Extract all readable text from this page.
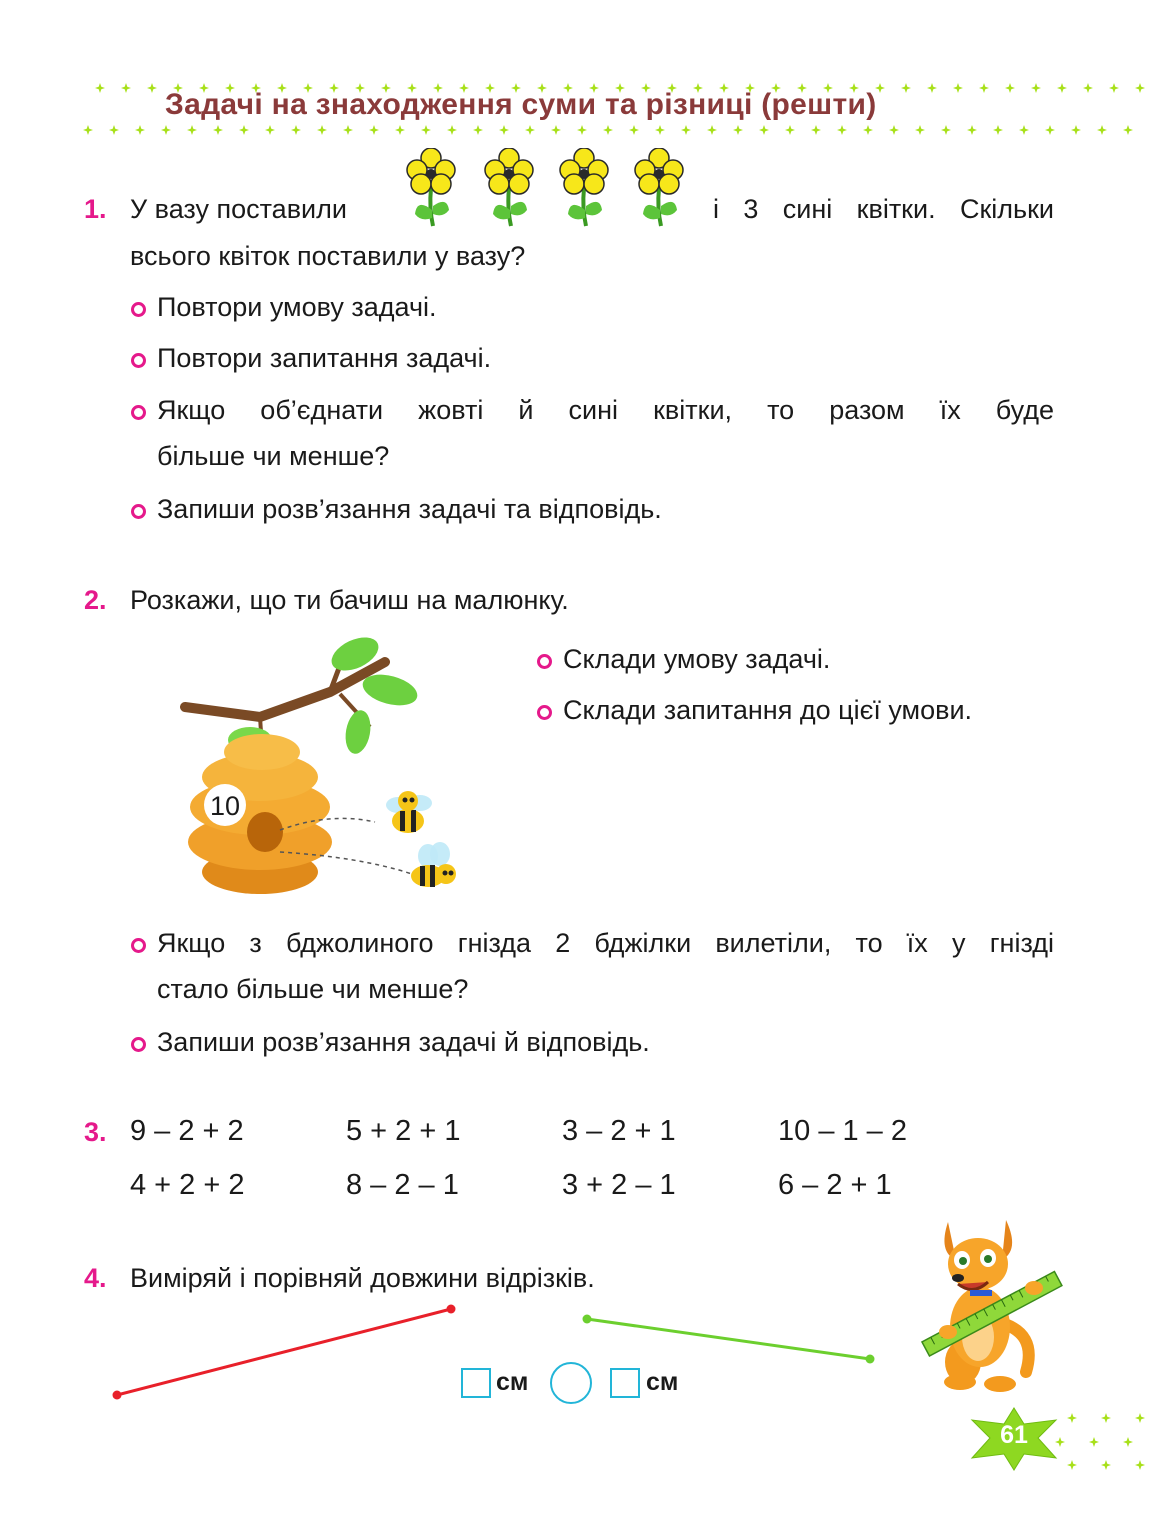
Задачі на знаходження суми та різниці (решти)
1. У вазу поставили	і 3 сині квітки. Скільки
всього квіток поставили у вазу?
Повтори умову задачі.
Повтори запитання задачі.
Якщо об’єднати жовті й сині квітки, то разом їх буде
більше чи менше?
Запиши розв’язання задачі та відповідь.
2. Розкажи, що ти бачиш на малюнку.
10
Склади умову задачі.
Склади запитання до цієї умови.
Якщо з бджолиного гнізда 2 бджілки вилетіли, то їх у гнізді
стало більше чи менше?
Запиши розв’язання задачі й відповідь.
3. 9 – 2 + 2	5 + 2 + 1	3 – 2 + 1	10 – 1 – 2
4 + 2 + 2	8 – 2 – 1	3 + 2 – 1	6 – 2 + 1
4. Виміряй і порівняй довжини відрізків.
см	см
61
